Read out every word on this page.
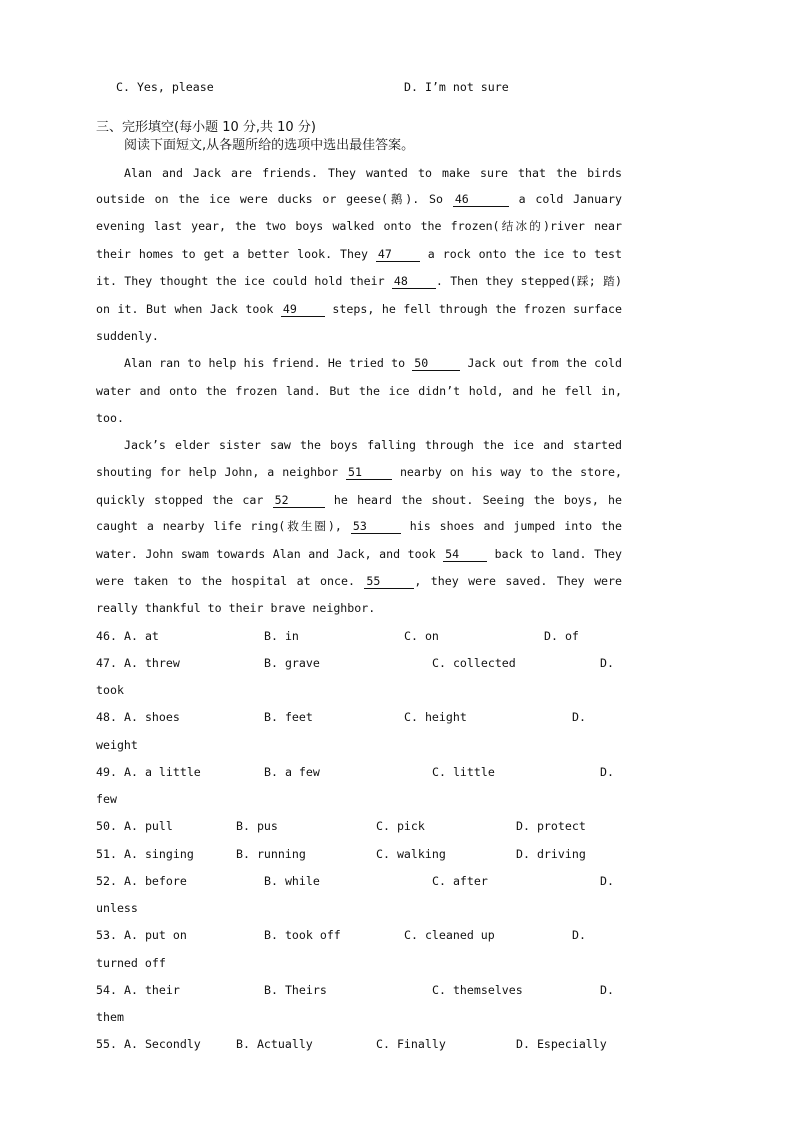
C. Yes, please	D. I’m not sure
三、完形填空(每小题 10 分,共 10 分)
阅读下面短文,从各题所给的选项中选出最佳答案。
Alan and Jack are friends. They wanted to make sure that the birds
outside on the ice were ducks or geese(鹅). So 46	a cold January
evening last year, the two boys walked onto the frozen(结冰的)river near
their homes to get a better look. They 47	a rock onto the ice to test
it. They thought the ice could hold their 48 . Then they stepped(踩; 踏)
on it. But when Jack took 49	steps, he fell through the frozen surface
suddenly.
Alan ran to help his friend. He tried to 50	Jack out from the cold
water and onto the frozen land. But the ice didn’t hold, and he fell in,
too.
Jack’s elder sister saw the boys falling through the ice and started
shouting for help John, a neighbor 51	nearby on his way to the store,
quickly stopped the car 52	he heard the shout. Seeing the boys, he
caught a nearby life ring(救生圈), 53	his shoes and jumped into the
water. John swam towards Alan and Jack, and took 54	back to land. They
were taken to the hospital at once. 55	, they were saved. They were
really thankful to their brave neighbor.
46. A. at	B. in	C. on	D. of
47. A. threw	B. grave	C. collected	D.
took
48. A. shoes	B. feet	C. height	D.
weight
49. A. a little	B. a few	C. little	D.
few
50. A. pull	B. pus	C. pick	D. protect
51. A. singing	B. running	C. walking	D. driving
52. A. before	B. while	C. after	D.
unless
53. A. put on	B. took off	C. cleaned up	D.
turned off
54. A. their	B. Theirs	C. themselves	D.
them
55. A. Secondly	B. Actually	C. Finally	D. Especially
